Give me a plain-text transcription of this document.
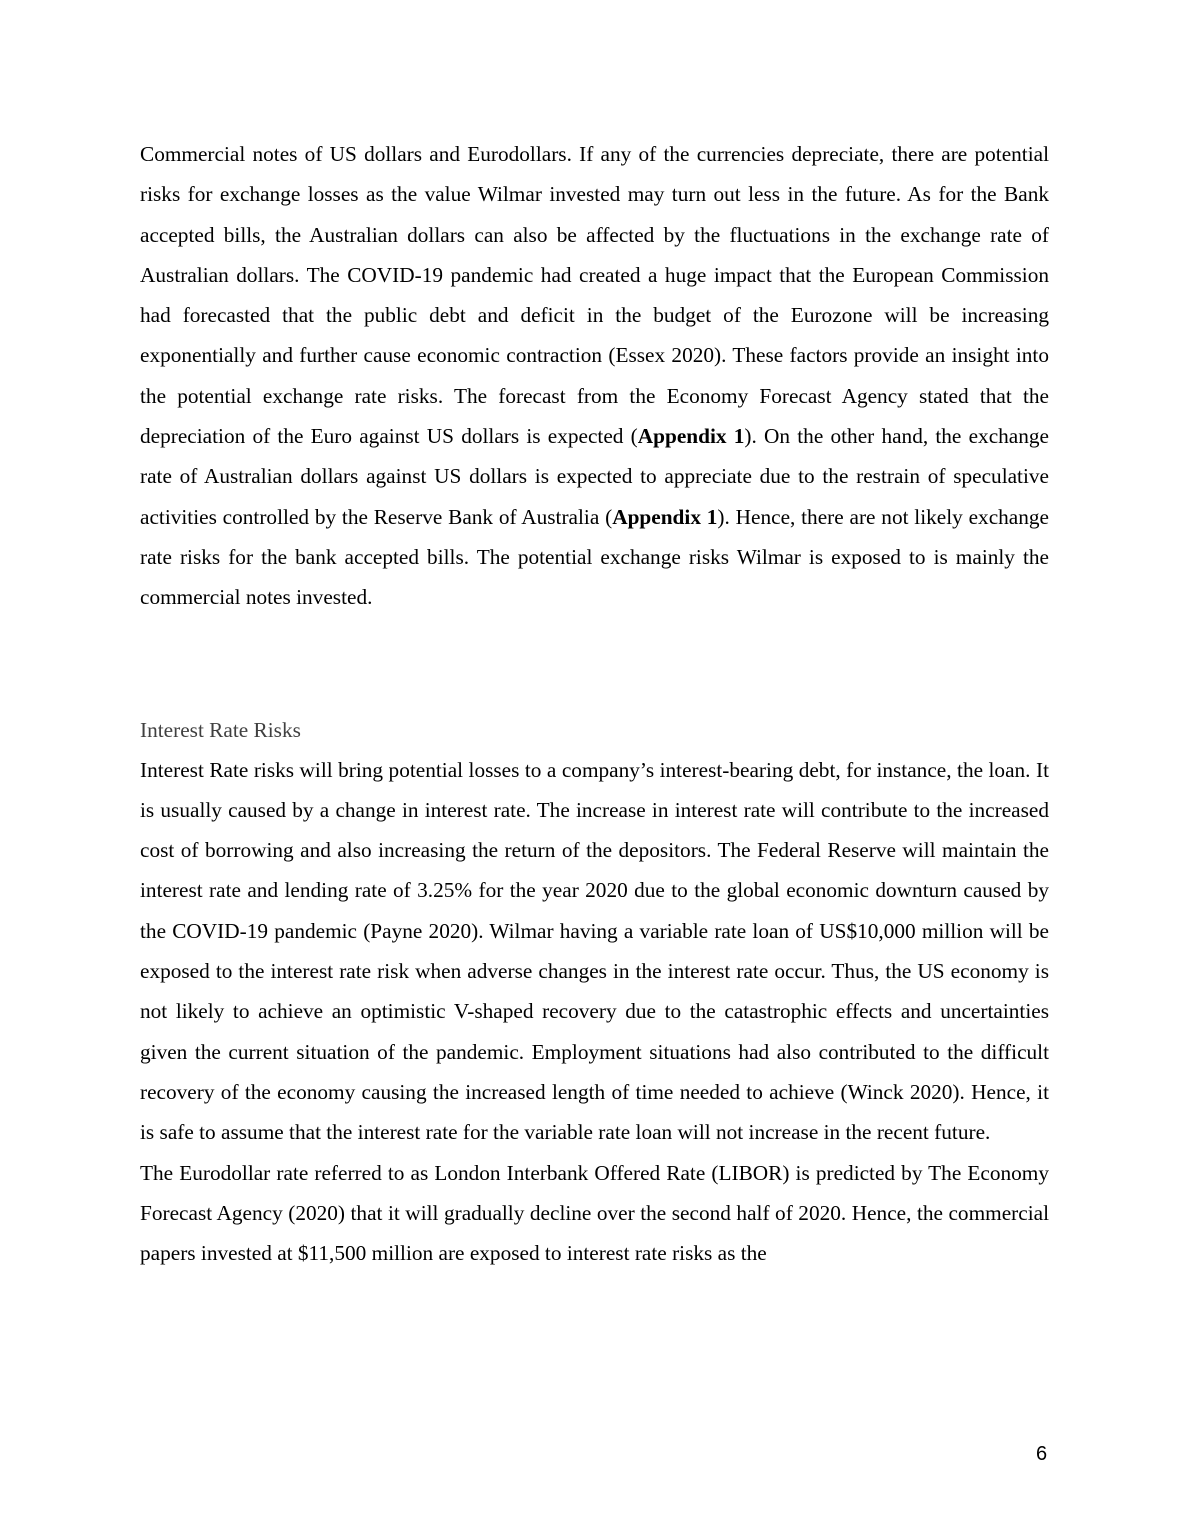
Commercial notes of US dollars and Eurodollars. If any of the currencies depreciate, there are potential risks for exchange losses as the value Wilmar invested may turn out less in the future. As for the Bank accepted bills, the Australian dollars can also be affected by the fluctuations in the exchange rate of Australian dollars. The COVID-19 pandemic had created a huge impact that the European Commission had forecasted that the public debt and deficit in the budget of the Eurozone will be increasing exponentially and further cause economic contraction (Essex 2020). These factors provide an insight into the potential exchange rate risks. The forecast from the Economy Forecast Agency stated that the depreciation of the Euro against US dollars is expected (Appendix 1). On the other hand, the exchange rate of Australian dollars against US dollars is expected to appreciate due to the restrain of speculative activities controlled by the Reserve Bank of Australia (Appendix 1). Hence, there are not likely exchange rate risks for the bank accepted bills. The potential exchange risks Wilmar is exposed to is mainly the commercial notes invested.

Interest Rate Risks

Interest Rate risks will bring potential losses to a company’s interest-bearing debt, for instance, the loan. It is usually caused by a change in interest rate. The increase in interest rate will contribute to the increased cost of borrowing and also increasing the return of the depositors. The Federal Reserve will maintain the interest rate and lending rate of 3.25% for the year 2020 due to the global economic downturn caused by the COVID-19 pandemic (Payne 2020). Wilmar having a variable rate loan of US$10,000 million will be exposed to the interest rate risk when adverse changes in the interest rate occur. Thus, the US economy is not likely to achieve an optimistic V-shaped recovery due to the catastrophic effects and uncertainties given the current situation of the pandemic. Employment situations had also contributed to the difficult recovery of the economy causing the increased length of time needed to achieve (Winck 2020). Hence, it is safe to assume that the interest rate for the variable rate loan will not increase in the recent future.

The Eurodollar rate referred to as London Interbank Offered Rate (LIBOR) is predicted by The Economy Forecast Agency (2020) that it will gradually decline over the second half of 2020. Hence, the commercial papers invested at $11,500 million are exposed to interest rate risks as the

6
